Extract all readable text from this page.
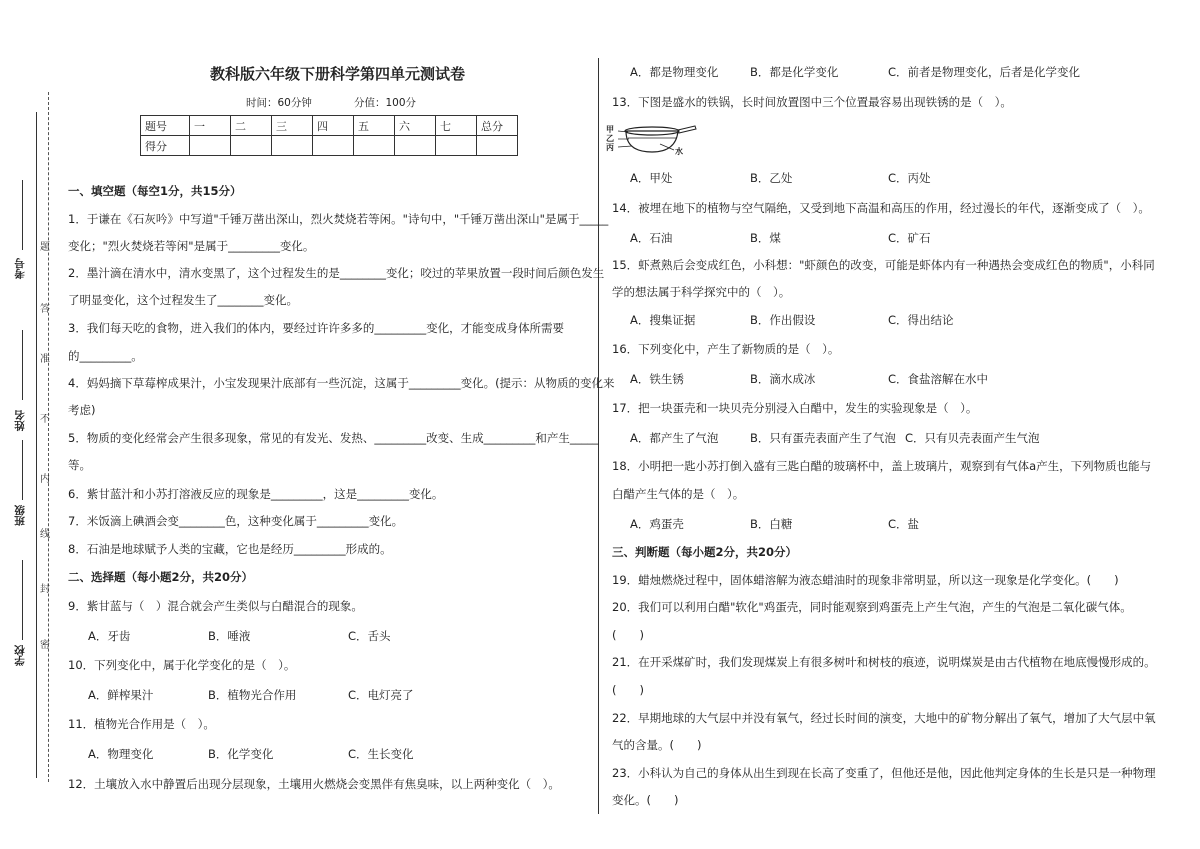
考号
姓名
班级
学校
题
答
准
不
内
线
封
密
教科版六年级下册科学第四单元测试卷
时间：60分钟	分值：100分
题号	一	二	三	四	五	六	七	总分
得分								
一、填空题（每空1分，共15分）
1．于谦在《石灰吟》中写道"千锤万凿出深山，烈火焚烧若等闲。"诗句中，"千锤万凿出深山"是属于_____
变化；"烈火焚烧若等闲"是属于_________变化。
2．墨汁滴在清水中，清水变黑了，这个过程发生的是________变化；咬过的苹果放置一段时间后颜色发生
了明显变化，这个过程发生了________变化。
3．我们每天吃的食物，进入我们的体内，要经过许许多多的_________变化，才能变成身体所需要
的_________。
4．妈妈摘下草莓榨成果汁，小宝发现果汁底部有一些沉淀，这属于_________变化。(提示：从物质的变化来
考虑)
5．物质的变化经常会产生很多现象，常见的有发光、发热、_________改变、生成_________和产生_____
等。
6．紫甘蓝汁和小苏打溶液反应的现象是_________，这是_________变化。
7．米饭滴上碘酒会变________色，这种变化属于_________变化。
8．石油是地球赋予人类的宝藏，它也是经历_________形成的。
二、选择题（每小题2分，共20分）
9．紫甘蓝与（　）混合就会产生类似与白醋混合的现象。
A．牙齿	B．唾液	C．舌头
10．下列变化中，属于化学变化的是（　）。
A．鲜榨果汁	B．植物光合作用	C．电灯亮了
11．植物光合作用是（　）。
A．物理变化	B．化学变化	C．生长变化
12．土壤放入水中静置后出现分层现象，土壤用火燃烧会变黑伴有焦臭味，以上两种变化（　）。
A．都是物理变化	B．都是化学变化	C．前者是物理变化，后者是化学变化
13．下图是盛水的铁锅，长时间放置图中三个位置最容易出现铁锈的是（　）。
甲
乙
丙	水
A．甲处	B．乙处	C．丙处
14．被埋在地下的植物与空气隔绝，又受到地下高温和高压的作用，经过漫长的年代，逐渐变成了（　）。
A．石油	B．煤	C．矿石
15．虾煮熟后会变成红色，小科想："虾颜色的改变，可能是虾体内有一种遇热会变成红色的物质"，小科同
学的想法属于科学探究中的（　）。
A．搜集证据	B．作出假设	C．得出结论
16．下列变化中，产生了新物质的是（　）。
A．铁生锈	B．滴水成冰	C．食盐溶解在水中
17．把一块蛋壳和一块贝壳分别浸入白醋中，发生的实验现象是（　）。
A．都产生了气泡	B．只有蛋壳表面产生了气泡 C．只有贝壳表面产生气泡
18．小明把一匙小苏打倒入盛有三匙白醋的玻璃杯中，盖上玻璃片，观察到有气体a产生，下列物质也能与
白醋产生气体的是（　）。
A．鸡蛋壳	B．白糖	C．盐
三、判断题（每小题2分，共20分）
19．蜡烛燃烧过程中，固体蜡溶解为液态蜡油时的现象非常明显，所以这一现象是化学变化。(　　)
20．我们可以利用白醋"软化"鸡蛋壳，同时能观察到鸡蛋壳上产生气泡，产生的气泡是二氧化碳气体。
(　　)
21．在开采煤矿时，我们发现煤炭上有很多树叶和树枝的痕迹，说明煤炭是由古代植物在地底慢慢形成的。
(　　)
22．早期地球的大气层中并没有氧气，经过长时间的演变，大地中的矿物分解出了氧气，增加了大气层中氧
气的含量。(　　)
23．小科认为自己的身体从出生到现在长高了变重了，但他还是他，因此他判定身体的生长是只是一种物理
变化。(　　)
